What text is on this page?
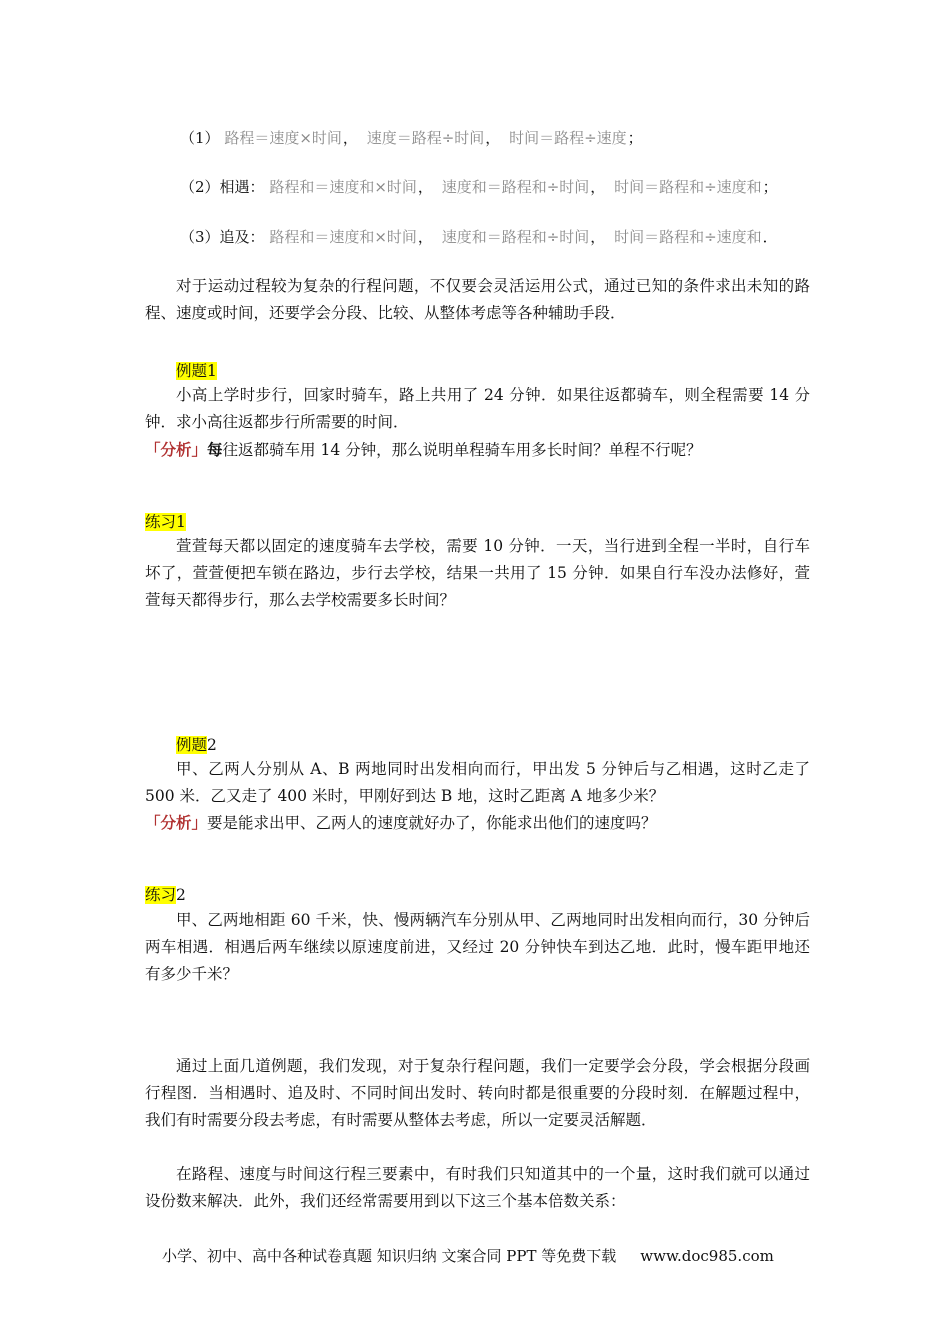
（1） 路程＝速度×时间， 速度＝路程÷时间， 时间＝路程÷速度；
（2）相遇： 路程和＝速度和×时间， 速度和＝路程和÷时间， 时间＝路程和÷速度和；
（3）追及： 路程和＝速度和×时间， 速度和＝路程和÷时间， 时间＝路程和÷速度和．
对于运动过程较为复杂的行程问题，不仅要会灵活运用公式，通过已知的条件求出未知的路程、速度或时间，还要学会分段、比较、从整体考虑等各种辅助手段．
例题1
小高上学时步行，回家时骑车，路上共用了 24 分钟．如果往返都骑车，则全程需要 14 分钟．求小高往返都步行所需要的时间．
「分析」每往返都骑车用 14 分钟，那么说明单程骑车用多长时间？单程不行呢？
练习1
萱萱每天都以固定的速度骑车去学校，需要 10 分钟．一天，当行进到全程一半时，自行车坏了，萱萱便把车锁在路边，步行去学校，结果一共用了 15 分钟．如果自行车没办法修好，萱萱每天都得步行，那么去学校需要多长时间？
例题2
甲、乙两人分别从 A、B 两地同时出发相向而行，甲出发 5 分钟后与乙相遇，这时乙走了 500 米．乙又走了 400 米时，甲刚好到达 B 地，这时乙距离 A 地多少米？
「分析」要是能求出甲、乙两人的速度就好办了，你能求出他们的速度吗？
练习2
甲、乙两地相距 60 千米，快、慢两辆汽车分别从甲、乙两地同时出发相向而行，30 分钟后两车相遇．相遇后两车继续以原速度前进，又经过 20 分钟快车到达乙地．此时，慢车距甲地还有多少千米？
通过上面几道例题，我们发现，对于复杂行程问题，我们一定要学会分段，学会根据分段画行程图．当相遇时、追及时、不同时间出发时、转向时都是很重要的分段时刻．在解题过程中，我们有时需要分段去考虑，有时需要从整体去考虑，所以一定要灵活解题．
在路程、速度与时间这行程三要素中，有时我们只知道其中的一个量，这时我们就可以通过设份数来解决．此外，我们还经常需要用到以下这三个基本倍数关系：
小学、初中、高中各种试卷真题 知识归纳 文案合同 PPT 等免费下载 www.doc985.com
